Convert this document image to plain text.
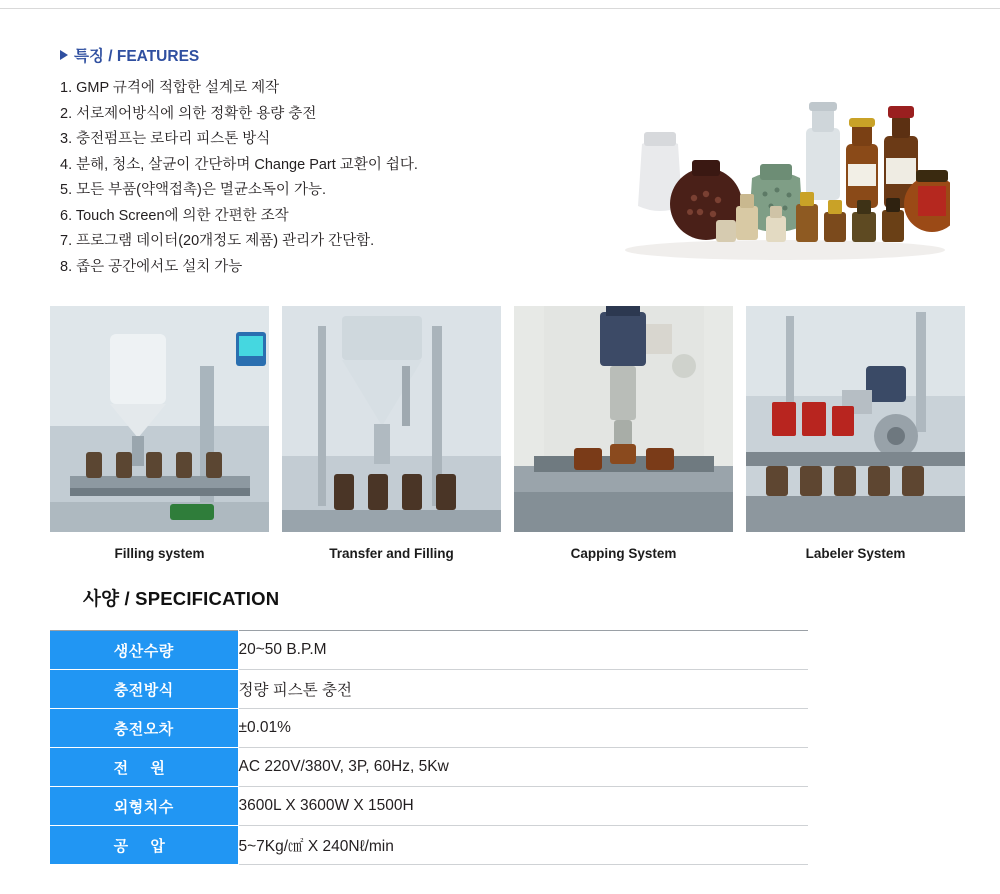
특징 / FEATURES
1. GMP 규격에 적합한 설계로 제작
2. 서로제어방식에 의한 정확한 용량 충전
3. 충전펌프는 로타리 피스톤 방식
4. 분해, 청소, 살균이 간단하며 Change Part 교환이 쉽다.
5. 모든 부품(약액접촉)은 멸균소독이 가능.
6. Touch Screen에 의한 간편한 조작
7. 프로그램 데이터(20개정도 제품) 관리가 간단함.
8. 좁은 공간에서도 설치 가능
Filling system	Transfer and Filling	Capping System	Labeler System
사양 / SPECIFICATION
생산수량	20~50 B.P.M
충전방식	정량 피스톤 충전
충전오차	±0.01%
전 원	AC 220V/380V, 3P, 60Hz, 5Kw
외형치수	3600L X 3600W X 1500H
공 압	5~7Kg/㎠ X 240Nℓ/min
